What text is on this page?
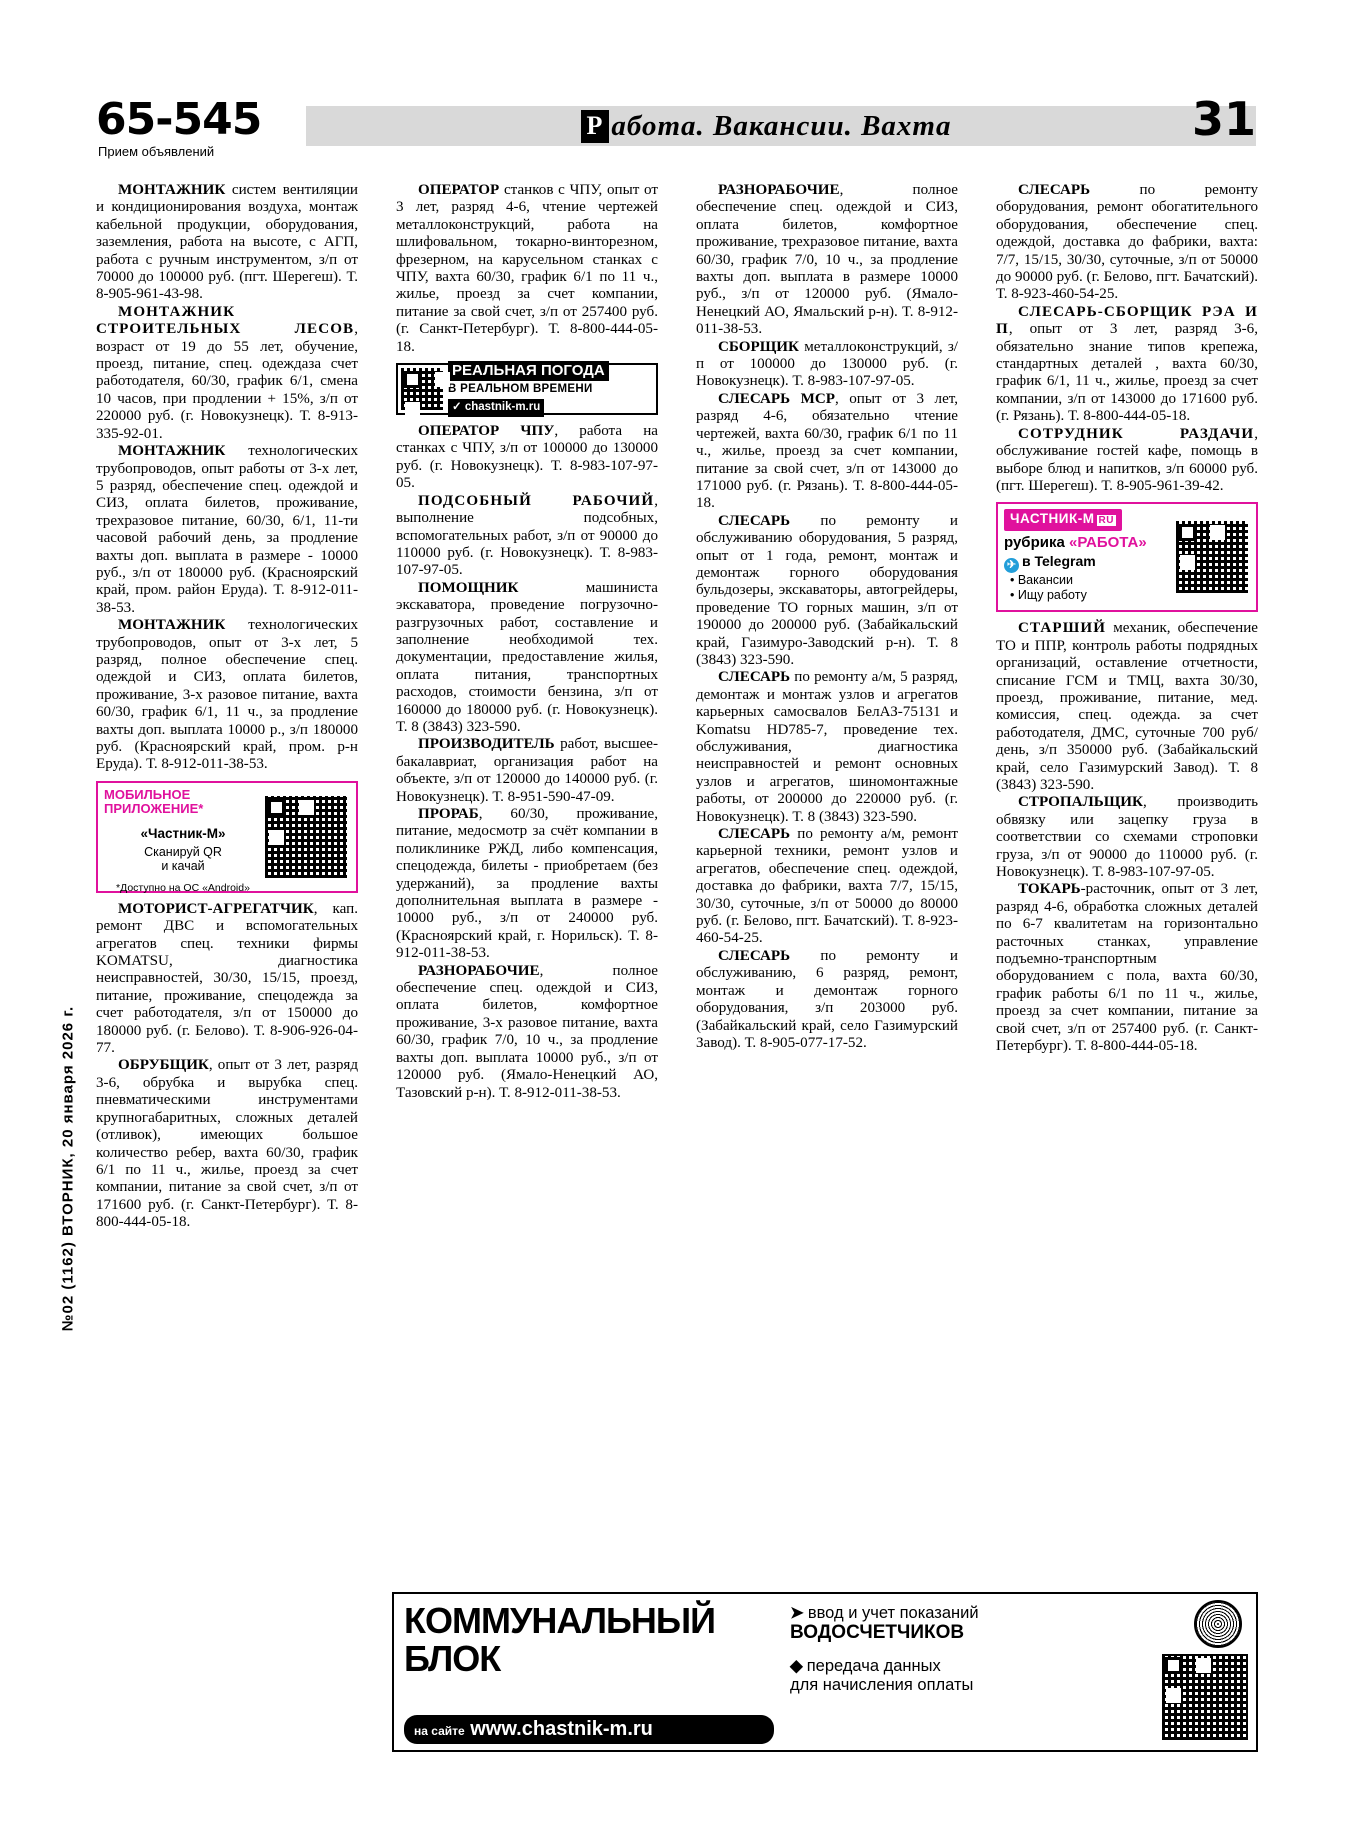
65-545
Прием объявлений
Р абота. Вакансии. Вахта	31
№02 (1162) ВТОРНИК, 20 января 2026 г.

МОНТАЖНИК систем вентиляции и кондиционирования воздуха, монтаж кабельной продукции, оборудования, заземления, работа на высоте, с АГП, работа с ручным инструментом, з/п от 70000 до 100000 руб. (пгт. Шерегеш). Т. 8-905-961-43-98.

МОНТАЖНИК СТРОИТЕЛЬНЫХ ЛЕСОВ, возраст от 19 до 55 лет, обучение, проезд, питание, спец. одеждаза счет работодателя, 60/30, график 6/1, смена 10 часов, при продлении + 15%, з/п от 220000 руб. (г. Новокузнецк). Т. 8-913-335-92-01.

МОНТАЖНИК технологических трубопроводов, опыт работы от 3-х лет, 5 разряд, обеспечение спец. одеждой и СИЗ, оплата билетов, проживание, трехразовое питание, 60/30, 6/1, 11-ти часовой рабочий день, за продление вахты доп. выплата в размере - 10000 руб., з/п от 180000 руб. (Красноярский край, пром. район Еруда). Т. 8-912-011-38-53.

МОНТАЖНИК технологических трубопроводов, опыт от 3-х лет, 5 разряд, полное обеспечение спец. одеждой и СИЗ, оплата билетов, проживание, 3-х разовое питание, вахта 60/30, график 6/1, 11 ч., за продление вахты доп. выплата 10000 р., з/п 180000 руб. (Красноярский край, пром. р-н Еруда). Т. 8-912-011-38-53.

МОБИЛЬНОЕ ПРИЛОЖЕНИЕ*
«Частник-М»
Сканируй QR
и качай
*Доступно на ОС «Android»

МОТОРИСТ-АГРЕГАТЧИК, кап. ремонт ДВС и вспомогательных агрегатов спец. техники фирмы KOMATSU, диагностика неисправностей, 30/30, 15/15, проезд, питание, проживание, спецодежда за счет работодателя, з/п от 150000 до 180000 руб. (г. Белово). Т. 8-906-926-04-77.

ОБРУБЩИК, опыт от 3 лет, разряд 3-6, обрубка и вырубка спец. пневматическими инструментами крупногабаритных, сложных деталей (отливок), имеющих большое количество ребер, вахта 60/30, график 6/1 по 11 ч., жилье, проезд за счет компании, питание за свой счет, з/п от 171600 руб. (г. Санкт-Петербург). Т. 8-800-444-05-18.

ОПЕРАТОР станков с ЧПУ, опыт от 3 лет, разряд 4-6, чтение чертежей металлоконструкций, работа на шлифовальном, токарно-винторезном, фрезерном, на карусельном станках с ЧПУ, вахта 60/30, график 6/1 по 11 ч., жилье, проезд за счет компании, питание за свой счет, з/п от 257400 руб. (г. Санкт-Петербург). Т. 8-800-444-05-18.

РЕАЛЬНАЯ ПОГОДА
В РЕАЛЬНОМ ВРЕМЕНИ
✓ chastnik-m.ru

ОПЕРАТОР ЧПУ, работа на станках с ЧПУ, з/п от 100000 до 130000 руб. (г. Новокузнецк). Т. 8-983-107-97-05.

ПОДСОБНЫЙ РАБОЧИЙ, выполнение подсобных, вспомогательных работ, з/п от 90000 до 110000 руб. (г. Новокузнецк). Т. 8-983-107-97-05.

ПОМОЩНИК машиниста экскаватора, проведение погрузочно-разгрузочных работ, составление и заполнение необходимой тех. документации, предоставление жилья, оплата питания, транспортных расходов, стоимости бензина, з/п от 160000 до 180000 руб. (г. Новокузнецк). Т. 8 (3843) 323-590.

ПРОИЗВОДИТЕЛЬ работ, высшее-бакалавриат, организация работ на объекте, з/п от 120000 до 140000 руб. (г. Новокузнецк). Т. 8-951-590-47-09.

ПРОРАБ, 60/30, проживание, питание, медосмотр за счёт компании в поликлинике РЖД, либо компенсация, спецодежда, билеты - приобретаем (без удержаний), за продление вахты дополнительная выплата в размере - 10000 руб., з/п от 240000 руб. (Красноярский край, г. Норильск). Т. 8-912-011-38-53.

РАЗНОРАБОЧИЕ, полное обеспечение спец. одеждой и СИЗ, оплата билетов, комфортное проживание, 3-х разовое питание, вахта 60/30, график 7/0, 10 ч., за продление вахты доп. выплата 10000 руб., з/п от 120000 руб. (Ямало-Ненецкий АО, Тазовский р-н). Т. 8-912-011-38-53.

РАЗНОРАБОЧИЕ, полное обеспечение спец. одеждой и СИЗ, оплата билетов, комфортное проживание, трехразовое питание, вахта 60/30, график 7/0, 10 ч., за продление вахты доп. выплата в размере 10000 руб., з/п от 120000 руб. (Ямало-Ненецкий АО, Ямальский р-н). Т. 8-912-011-38-53.

СБОРЩИК металлоконструкций, з/п от 100000 до 130000 руб. (г. Новокузнецк). Т. 8-983-107-97-05.

СЛЕСАРЬ МСР, опыт от 3 лет, разряд 4-6, обязательно чтение чертежей, вахта 60/30, график 6/1 по 11 ч., жилье, проезд за счет компании, питание за свой счет, з/п от 143000 до 171000 руб. (г. Рязань). Т. 8-800-444-05-18.

СЛЕСАРЬ по ремонту и обслуживанию оборудования, 5 разряд, опыт от 1 года, ремонт, монтаж и демонтаж горного оборудования бульдозеры, экскаваторы, автогрейдеры, проведение ТО горных машин, з/п от 190000 до 200000 руб. (Забайкальский край, Газимуро-Заводский р-н). Т. 8 (3843) 323-590.

СЛЕСАРЬ по ремонту а/м, 5 разряд, демонтаж и монтаж узлов и агрегатов карьерных самосвалов БелАЗ-75131 и Komatsu HD785-7, проведение тех. обслуживания, диагностика неисправностей и ремонт основных узлов и агрегатов, шиномонтажные работы, от 200000 до 220000 руб. (г. Новокузнецк). Т. 8 (3843) 323-590.

СЛЕСАРЬ по ремонту а/м, ремонт карьерной техники, ремонт узлов и агрегатов, обеспечение спец. одеждой, доставка до фабрики, вахта 7/7, 15/15, 30/30, суточные, з/п от 50000 до 80000 руб. (г. Белово, пгт. Бачатский). Т. 8-923-460-54-25.

СЛЕСАРЬ по ремонту и обслуживанию, 6 разряд, ремонт, монтаж и демонтаж горного оборудования, з/п 203000 руб. (Забайкальский край, село Газимурский Завод). Т. 8-905-077-17-52.

СЛЕСАРЬ по ремонту оборудования, ремонт обогатительного оборудования, обеспечение спец. одеждой, доставка до фабрики, вахта: 7/7, 15/15, 30/30, суточные, з/п от 50000 до 90000 руб. (г. Белово, пгт. Бачатский). Т. 8-923-460-54-25.

СЛЕСАРЬ-СБОРЩИК РЭА И П, опыт от 3 лет, разряд 3-6, обязательно знание типов крепежа, стандартных деталей , вахта 60/30, график 6/1, 11 ч., жилье, проезд за счет компании, з/п от 143000 до 171600 руб. (г. Рязань). Т. 8-800-444-05-18.

СОТРУДНИК РАЗДАЧИ, обслуживание гостей кафе, помощь в выборе блюд и напитков, з/п 60000 руб. (пгт. Шерегеш). Т. 8-905-961-39-42.

ЧАСТНИК-М RU
рубрика «РАБОТА»
✈ в Telegram
• Вакансии
• Ищу работу

СТАРШИЙ механик, обеспечение ТО и ППР, контроль работы подрядных организаций, оставление отчетности, списание ГСМ и ТМЦ, вахта 30/30, проезд, проживание, питание, мед. комиссия, спец. одежда. за счет работодателя, ДМС, суточные 700 руб/ день, з/п 350000 руб. (Забайкальский край, село Газимурский Завод). Т. 8 (3843) 323-590.

СТРОПАЛЬЩИК, производить обвязку или зацепку груза в соответствии со схемами строповки груза, з/п от 90000 до 110000 руб. (г. Новокузнецк). Т. 8-983-107-97-05.

ТОКАРЬ-расточник, опыт от 3 лет, разряд 4-6, обработка сложных деталей по 6-7 квалитетам на горизонтально расточных станках, управление подъемно-транспортным оборудованием с пола, вахта 60/30, график работы 6/1 по 11 ч., жилье, проезд за счет компании, питание за свой счет, з/п от 257400 руб. (г. Санкт-Петербург). Т. 8-800-444-05-18.

КОММУНАЛЬНЫЙ
БЛОК
на сайте www.chastnik-m.ru
➤ ввод и учет показаний
ВОДОСЧЕТЧИКОВ
◆ передача данных
для начисления оплаты
